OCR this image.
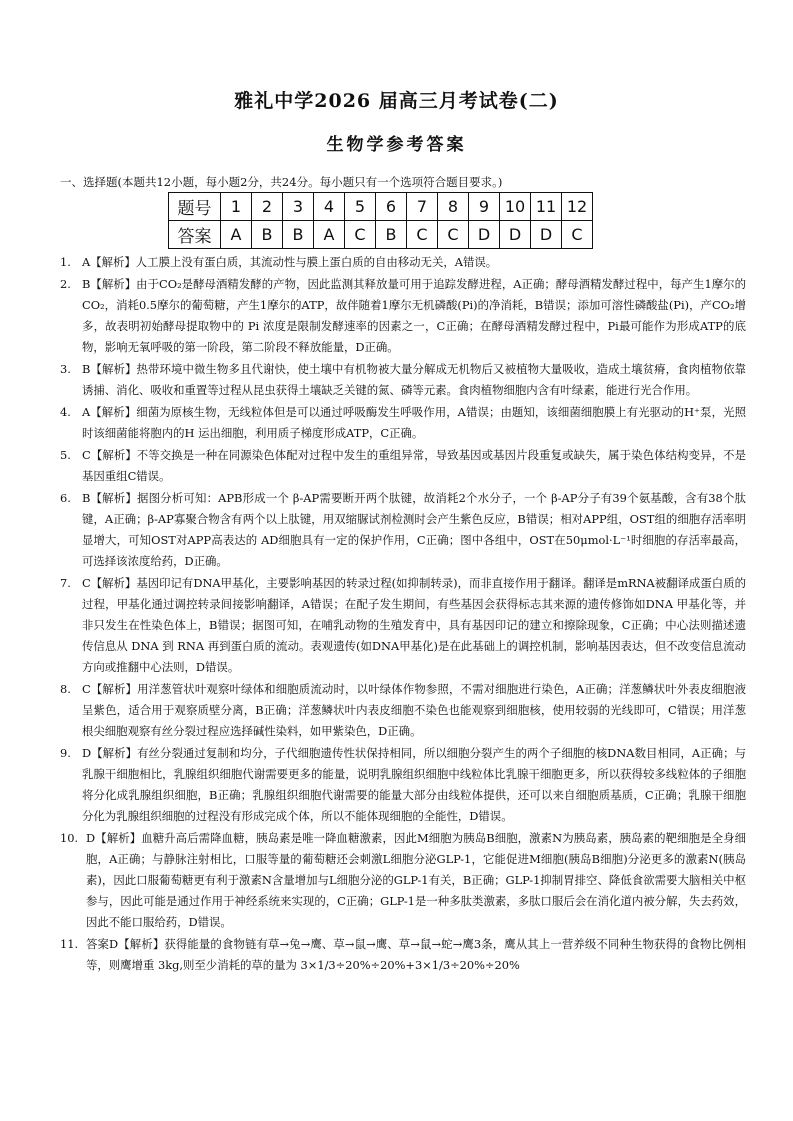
雅礼中学2026 届高三月考试卷(二)
生物学参考答案
一、选择题(本题共12小题，每小题2分，共24分。每小题只有一个选项符合题目要求。)
题号	1	2	3	4	5	6	7	8	9	10	11	12
答案	A	B	B	A	C	B	C	C	D	D	D	C
1. A【解析】人工膜上没有蛋白质，其流动性与膜上蛋白质的自由移动无关，A错误。
2. B【解析】由于CO₂是酵母酒精发酵的产物，因此监测其释放量可用于追踪发酵进程，A正确；酵母酒精发酵过程中，每产生1摩尔的CO₂，消耗0.5摩尔的葡萄糖，产生1摩尔的ATP，故伴随着1摩尔无机磷酸(Pi)的净消耗，B错误；添加可溶性磷酸盐(Pi)，产CO₂增多，故表明初始酵母提取物中的 Pi 浓度是限制发酵速率的因素之一，C正确；在酵母酒精发酵过程中，Pi最可能作为形成ATP的底物，影响无氧呼吸的第一阶段，第二阶段不释放能量，D正确。
3. B【解析】热带环境中微生物多且代谢快，使土壤中有机物被大量分解成无机物后又被植物大量吸收，造成土壤贫瘠，食肉植物依靠诱捕、消化、吸收和重置等过程从昆虫获得土壤缺乏关键的氮、磷等元素。食肉植物细胞内含有叶绿素，能进行光合作用。
4. A【解析】细菌为原核生物，无线粒体但是可以通过呼吸酶发生呼吸作用，A错误；由题知，该细菌细胞膜上有光驱动的H⁺泵，光照时该细菌能将胞内的H 运出细胞，利用质子梯度形成ATP，C正确。
5. C【解析】不等交换是一种在同源染色体配对过程中发生的重组异常，导致基因或基因片段重复或缺失，属于染色体结构变异，不是基因重组C错误。
6. B【解析】据图分析可知：APB形成一个 β-AP需要断开两个肽键，故消耗2个水分子，一个 β-AP分子有39个氨基酸，含有38个肽键，A正确；β-AP寡聚合物含有两个以上肽键，用双缩脲试剂检测时会产生紫色反应，B错误；相对APP组，OST组的细胞存活率明显增大，可知OST对APP高表达的 AD细胞具有一定的保护作用，C正确；图中各组中，OST在50μmol·L⁻¹时细胞的存活率最高，可选择该浓度给药，D正确。
7. C【解析】基因印记有DNA甲基化，主要影响基因的转录过程(如抑制转录)，而非直接作用于翻译。翻译是mRNA被翻译成蛋白质的过程，甲基化通过调控转录间接影响翻译，A错误；在配子发生期间，有些基因会获得标志其来源的遗传修饰如DNA 甲基化等，并非只发生在性染色体上，B错误；据图可知，在哺乳动物的生殖发育中，具有基因印记的建立和擦除现象，C正确；中心法则描述遗传信息从 DNA 到 RNA 再到蛋白质的流动。表观遗传(如DNA甲基化)是在此基础上的调控机制，影响基因表达，但不改变信息流动方向或推翻中心法则，D错误。
8. C【解析】用洋葱管状叶观察叶绿体和细胞质流动时，以叶绿体作物参照，不需对细胞进行染色，A正确；洋葱鳞状叶外表皮细胞液呈紫色，适合用于观察质壁分离，B正确；洋葱鳞状叶内表皮细胞不染色也能观察到细胞核，使用较弱的光线即可，C错误；用洋葱根尖细胞观察有丝分裂过程应选择碱性染料，如甲紫染色，D正确。
9. D【解析】有丝分裂通过复制和均分，子代细胞遗传性状保持相同，所以细胞分裂产生的两个子细胞的核DNA数目相同，A正确；与乳腺干细胞相比，乳腺组织细胞代谢需要更多的能量，说明乳腺组织细胞中线粒体比乳腺干细胞更多，所以获得较多线粒体的子细胞将分化成乳腺组织细胞，B正确；乳腺组织细胞代谢需要的能量大部分由线粒体提供，还可以来自细胞质基质，C正确；乳腺干细胞分化为乳腺组织细胞的过程没有形成完成个体，所以不能体现细胞的全能性，D错误。
10. D【解析】血糖升高后需降血糖，胰岛素是唯一降血糖激素，因此M细胞为胰岛B细胞，激素N为胰岛素，胰岛素的靶细胞是全身细胞，A正确；与静脉注射相比，口服等量的葡萄糖还会刺激L细胞分泌GLP-1，它能促进M细胞(胰岛B细胞)分泌更多的激素N(胰岛素)，因此口服葡萄糖更有利于激素N含量增加与L细胞分泌的GLP-1有关，B正确；GLP-1抑制胃排空、降低食欲需要大脑相关中枢参与，因此可能是通过作用于神经系统来实现的，C正确；GLP-1是一种多肽类激素，多肽口服后会在消化道内被分解，失去药效，因此不能口服给药，D错误。
11. 答案D【解析】获得能量的食物链有草→兔→鹰、草→鼠→鹰、草→鼠→蛇→鹰3条，鹰从其上一营养级不同种生物获得的食物比例相等，则鹰增重 3kg,则至少消耗的草的量为 3×1/3÷20%÷20%+3×1/3÷20%÷20%
